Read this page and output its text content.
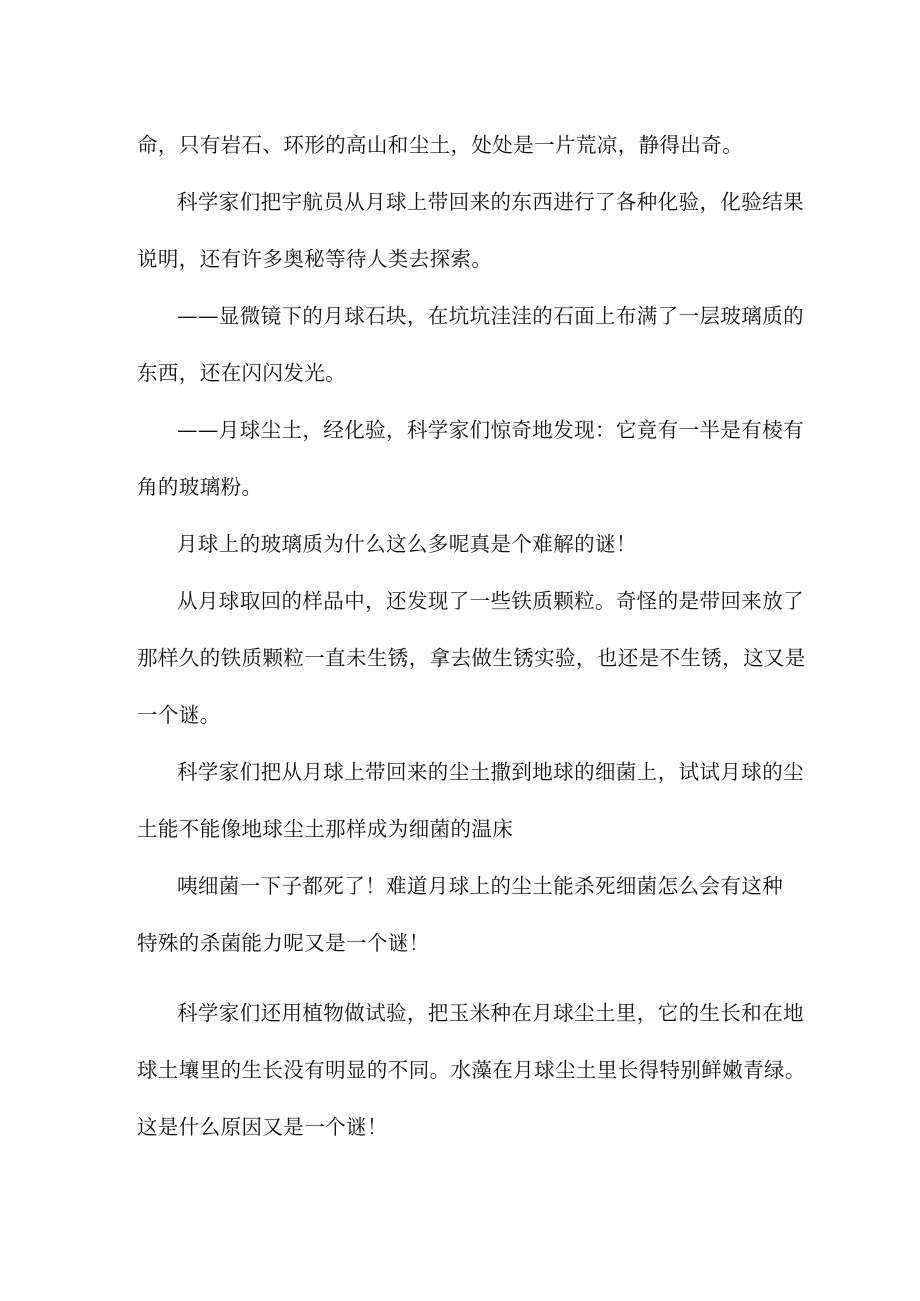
命，只有岩石、环形的高山和尘土，处处是一片荒凉，静得出奇。
科学家们把宇航员从月球上带回来的东西进行了各种化验，化验结果
说明，还有许多奥秘等待人类去探索。
——显微镜下的月球石块，在坑坑洼洼的石面上布满了一层玻璃质的
东西，还在闪闪发光。
——月球尘土，经化验，科学家们惊奇地发现：它竟有一半是有棱有
角的玻璃粉。
月球上的玻璃质为什么这么多呢真是个难解的谜！
从月球取回的样品中，还发现了一些铁质颗粒。奇怪的是带回来放了
那样久的铁质颗粒一直未生锈，拿去做生锈实验，也还是不生锈，这又是
一个谜。
科学家们把从月球上带回来的尘土撒到地球的细菌上，试试月球的尘
土能不能像地球尘土那样成为细菌的温床
咦细菌一下子都死了！难道月球上的尘土能杀死细菌怎么会有这种
特殊的杀菌能力呢又是一个谜！
科学家们还用植物做试验，把玉米种在月球尘土里，它的生长和在地
球土壤里的生长没有明显的不同。水藻在月球尘土里长得特别鲜嫩青绿。
这是什么原因又是一个谜！
